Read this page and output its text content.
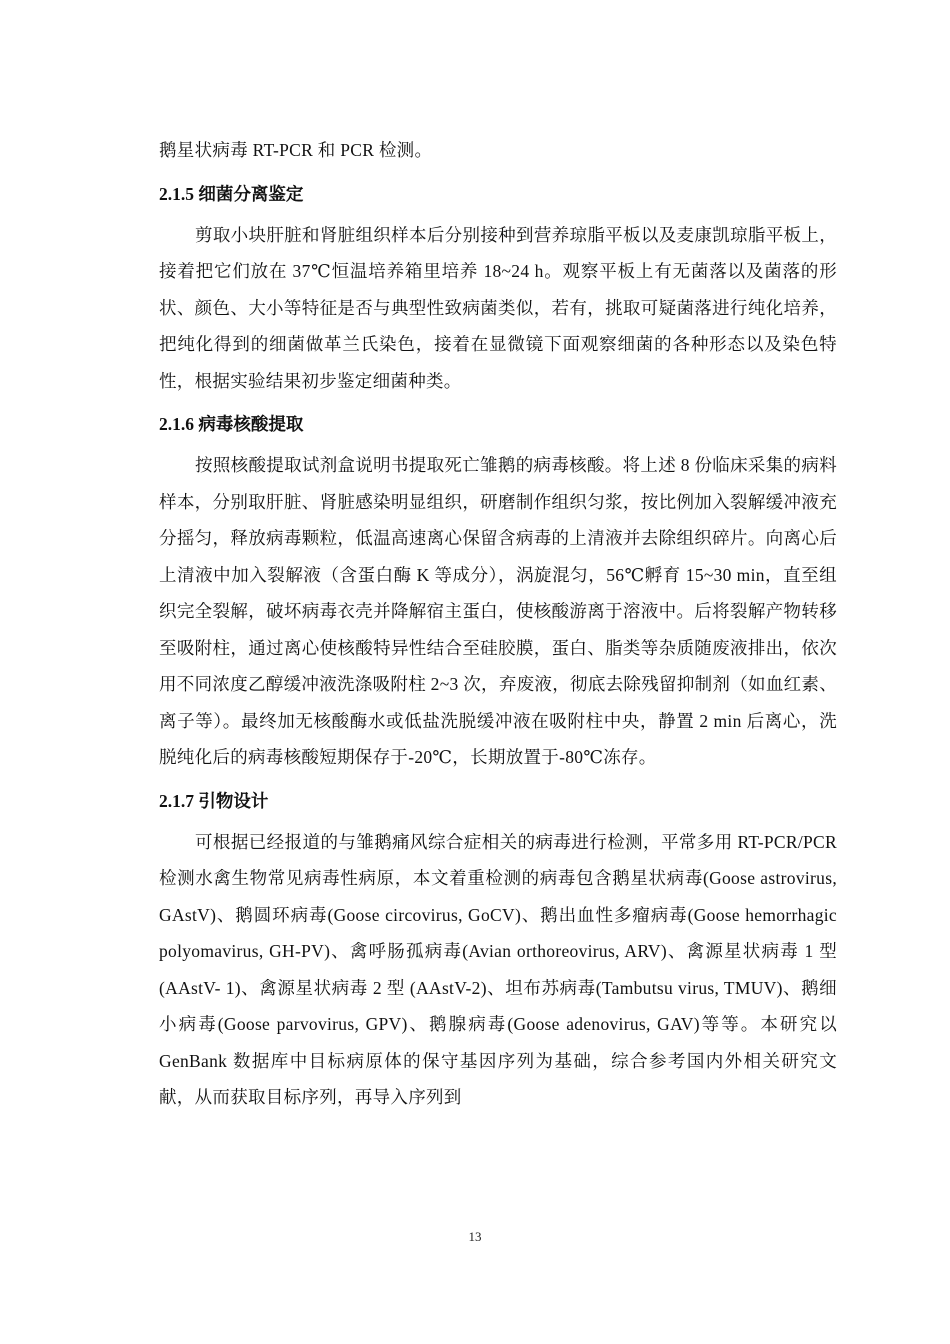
鹅星状病毒 RT-PCR 和 PCR 检测。

2.1.5 细菌分离鉴定

剪取小块肝脏和肾脏组织样本后分别接种到营养琼脂平板以及麦康凯琼脂平板上，接着把它们放在 37℃恒温培养箱里培养 18~24 h。观察平板上有无菌落以及菌落的形状、颜色、大小等特征是否与典型性致病菌类似，若有，挑取可疑菌落进行纯化培养，把纯化得到的细菌做革兰氏染色，接着在显微镜下面观察细菌的各种形态以及染色特性，根据实验结果初步鉴定细菌种类。

2.1.6 病毒核酸提取

按照核酸提取试剂盒说明书提取死亡雏鹅的病毒核酸。将上述 8 份临床采集的病料样本，分别取肝脏、肾脏感染明显组织，研磨制作组织匀浆，按比例加入裂解缓冲液充分摇匀，释放病毒颗粒，低温高速离心保留含病毒的上清液并去除组织碎片。向离心后上清液中加入裂解液（含蛋白酶 K 等成分），涡旋混匀，56℃孵育 15~30 min，直至组织完全裂解，破坏病毒衣壳并降解宿主蛋白，使核酸游离于溶液中。后将裂解产物转移至吸附柱，通过离心使核酸特异性结合至硅胶膜，蛋白、脂类等杂质随废液排出，依次用不同浓度乙醇缓冲液洗涤吸附柱 2~3 次，弃废液，彻底去除残留抑制剂（如血红素、离子等）。最终加无核酸酶水或低盐洗脱缓冲液在吸附柱中央，静置 2 min 后离心，洗脱纯化后的病毒核酸短期保存于-20℃，长期放置于-80℃冻存。

2.1.7 引物设计

可根据已经报道的与雏鹅痛风综合症相关的病毒进行检测，平常多用 RT-PCR/PCR 检测水禽生物常见病毒性病原，本文着重检测的病毒包含鹅星状病毒(Goose astrovirus, GAstV)、鹅圆环病毒(Goose circovirus, GoCV)、鹅出血性多瘤病毒(Goose hemorrhagic polyomavirus, GH-PV)、禽呼肠孤病毒(Avian orthoreovirus, ARV)、禽源星状病毒 1 型(AAstV- 1)、禽源星状病毒 2 型 (AAstV-2)、坦布苏病毒(Tambutsu virus, TMUV)、鹅细小病毒(Goose parvovirus, GPV)、鹅腺病毒(Goose adenovirus, GAV)等等。本研究以 GenBank 数据库中目标病原体的保守基因序列为基础，综合参考国内外相关研究文献，从而获取目标序列，再导入序列到

13
